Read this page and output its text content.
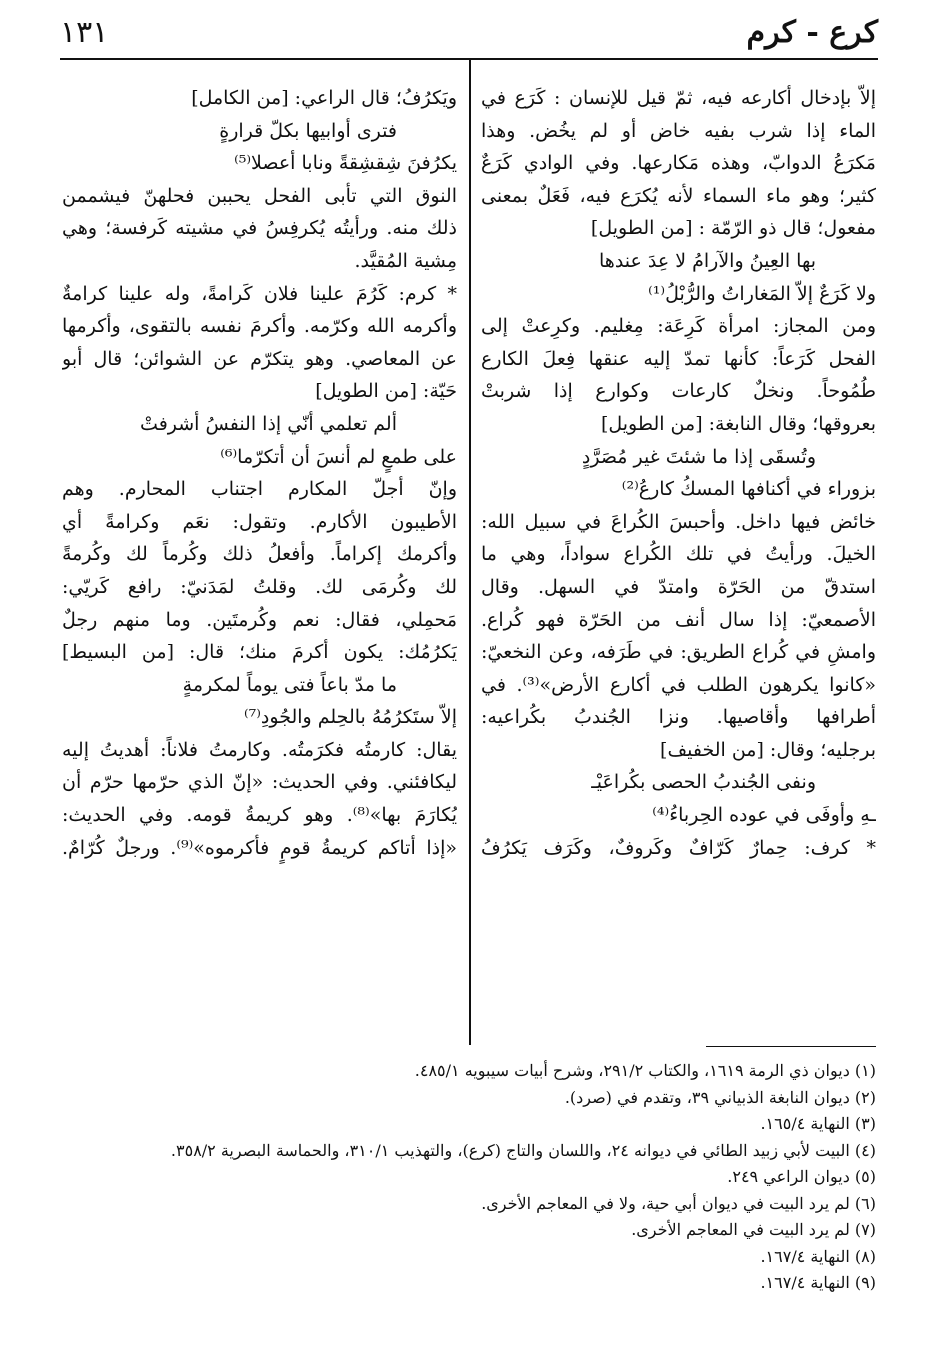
كرع - كرم
١٣١
إلاّ بإدخال أكارعه فيه، ثمّ قيل للإنسان : كَرَع في
الماء إذا شرب بفيه خاض أو لم يخُض. وهذا
مَكرَعُ الدوابّ، وهذه مَكارعها. وفي الوادي كَرَعٌ
كثير؛ وهو ماء السماء لأنه يُكرَع فيه، فَعَلٌ بمعنى
مفعول؛ قال ذو الرّمّة : [من الطويل]
بها العِينُ والآرامُ لا عِدَ عندها
ولا كَرَعٌ إلاّ المَغاراتُ والرُّبْلُ⁽¹⁾
ومن المجاز: امرأة كَرِعَة: مِغليم. وكرِعتْ إلى
الفحل كَرَعاً: كأنها تمدّ إليه عنقها فِعلَ الكارع
طُمُوحاً. ونخلٌ كارعات وكوارع إذا شربتْ
بعروقها؛ وقال النابغة: [من الطويل]
وتُسقَى إذا ما شئتَ غير مُصَرَّدٍ
بزوراء في أكنافها المسكُ كارعُ⁽²⁾
خائض فيها داخل. وأحبسَ الكُراعَ في سبيل الله:
الخيلَ. ورأيتُ في تلك الكُراع سواداً، وهي ما
استدقّ من الحَرّة وامتدّ في السهل. وقال
الأصمعيّ: إذا سال أنف من الحَرّة فهو كُراع.
وامشِ في كُراع الطريق: في طَرَفه، وعن النخعيّ:
«كانوا يكرهون الطلب في أكارع الأرض»⁽³⁾. في
أطرافها وأقاصيها. ونزا الجُندبُ بكُراعيه:
برجليه؛ وقال: [من الخفيف]
ونفى الجُندبُ الحصى بكُراعَيْـ
ـهِ وأوفَى في عوده الحِرباءُ⁽⁴⁾
* كرف: حِمارٌ كَرّافٌ وكَروفٌ، وكَرَف يَكرُفُ
ويَكرُفُ؛ قال الراعي: [من الكامل]
فترى أوابيها بكلّ قرارةٍ
يكرُفنَ شِقشِقةً ونابا أعصلا⁽⁵⁾
النوق التي تأبى الفحل يحببن فحلهنّ فيشممن
ذلك منه. ورأيتُه يُكرفِسُ في مشيته كَرفسة؛ وهي
مِشية المُقيَّد.
* كرم: كَرُمَ علينا فلان كَرامةً، وله علينا كرامةٌ
وأكرمه الله وكرّمه. وأكرمَ نفسه بالتقوى، وأكرمها
عن المعاصي. وهو يتكرّم عن الشوائن؛ قال أبو
حَيّة: [من الطويل]
ألم تعلمي أنّي إذا النفسُ أشرفتْ
على طمعٍ لم أنسَ أن أتكرّما⁽⁶⁾
وإنّ أجلّ المكارم اجتناب المحارم. وهم
الأطيبون الأكارم. وتقول: نعَم وكرامةً أي
وأكرمك إكراماً. وأفعلُ ذلك وكُرماً لك وكُرمةً
لك وكُرمَى لك. وقلتُ لمَدَنيّ: رافع كَريّي:
مَحمِلي، فقال: نعم وكُرمتَين. وما منهم رجلٌ
يَكرُمُك: يكون أكرمَ منك؛ قال: [من البسيط]
ما مدّ باعاً فتى يوماً لمكرمةٍ
إلاّ ستَكرُمُهُ بالحِلم والجُودِ⁽⁷⁾
يقال: كارمتُه فكرَمتُه. وكارمتُ فلاناً: أهديتُ إليه
ليكافئني. وفي الحديث: «إنّ الذي حرّمها حرّم أن
يُكارَمَ بها»⁽⁸⁾. وهو كريمةُ قومه. وفي الحديث:
«إذا أتاكم كريمةُ قومٍ فأكرموه»⁽⁹⁾. ورجلٌ كُرّامٌ.
(١) ديوان ذي الرمة ١٦١٩، والكتاب ٢٩١/٢، وشرح أبيات سيبويه ٤٨٥/١.
(٢) ديوان النابغة الذبياني ٣٩، وتقدم في (صرد).
(٣) النهاية ١٦٥/٤.
(٤) البيت لأبي زبيد الطائي في ديوانه ٢٤، واللسان والتاج (كرع)، والتهذيب ٣١٠/١، والحماسة البصرية ٣٥٨/٢.
(٥) ديوان الراعي ٢٤٩.
(٦) لم يرد البيت في ديوان أبي حية، ولا في المعاجم الأخرى.
(٧) لم يرد البيت في المعاجم الأخرى.
(٨) النهاية ١٦٧/٤.
(٩) النهاية ١٦٧/٤.
